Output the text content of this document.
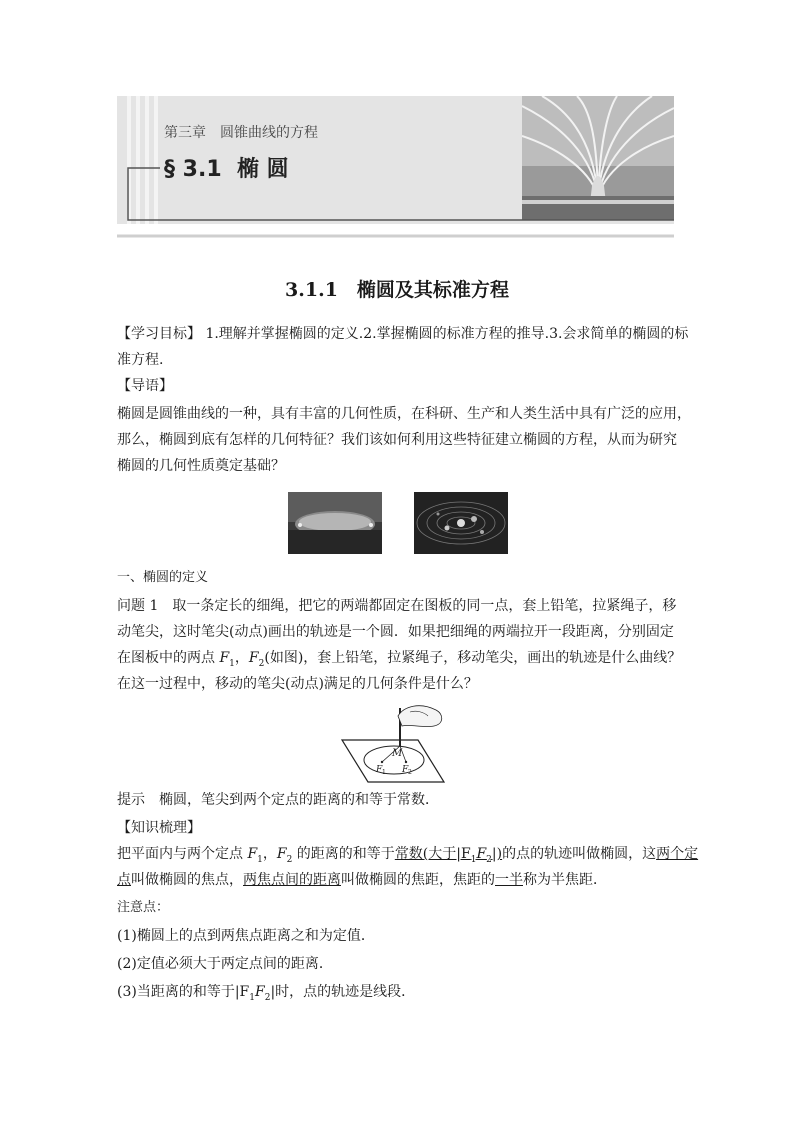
第三章　圆锥曲线的方程
§ 3.1  椭 圆
3.1.1　椭圆及其标准方程
【学习目标】 1.理解并掌握椭圆的定义.2.掌握椭圆的标准方程的推导.3.会求简单的椭圆的标
准方程.
【导语】
椭圆是圆锥曲线的一种，具有丰富的几何性质，在科研、生产和人类生活中具有广泛的应用，
那么，椭圆到底有怎样的几何特征？我们该如何利用这些特征建立椭圆的方程，从而为研究
椭圆的几何性质奠定基础？
一、椭圆的定义
问题 1　取一条定长的细绳，把它的两端都固定在图板的同一点，套上铅笔，拉紧绳子，移
动笔尖，这时笔尖(动点)画出的轨迹是一个圆．如果把细绳的两端拉开一段距离，分别固定
在图板中的两点 $F_1$，$F_2$(如图)，套上铅笔，拉紧绳子，移动笔尖，画出的轨迹是什么曲线？
在这一过程中，移动的笔尖(动点)满足的几何条件是什么？
M
F 1 F 2
提示　椭圆，笔尖到两个定点的距离的和等于常数．
【知识梳理】
把平面内与两个定点 $F_1$，$F_2$ 的距离的和等于常数(大于$|F_1F_2|$)的点的轨迹叫做椭圆，这两个定
点叫做椭圆的焦点，两焦点间的距离叫做椭圆的焦距，焦距的一半称为半焦距．
注意点：
(1)椭圆上的点到两焦点距离之和为定值．
(2)定值必须大于两定点间的距离．
(3)当距离的和等于$|F_1F_2|$时，点的轨迹是线段．
